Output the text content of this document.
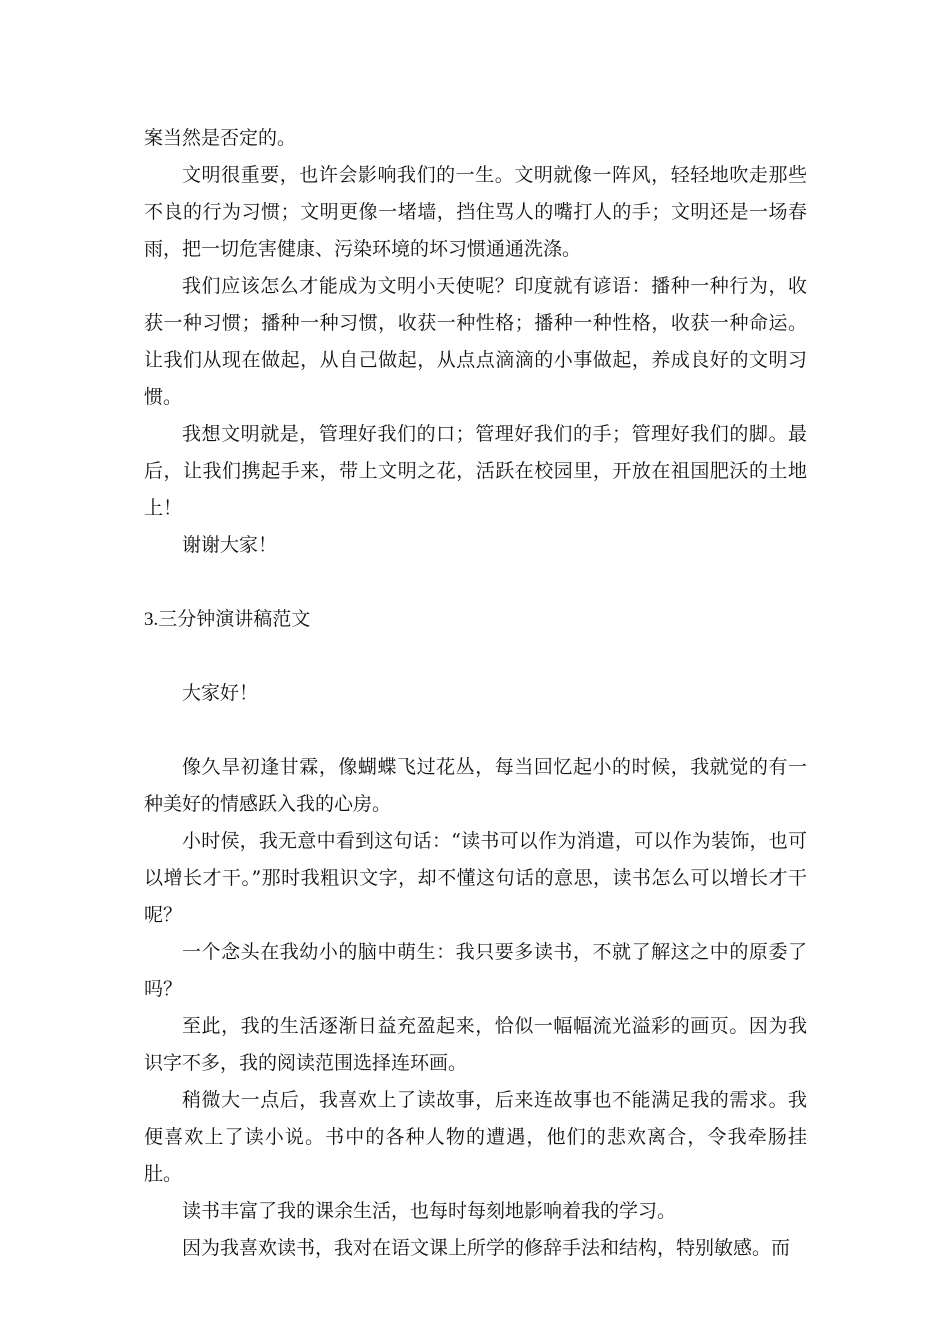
案当然是否定的。

文明很重要，也许会影响我们的一生。文明就像一阵风，轻轻地吹走那些不良的行为习惯；文明更像一堵墙，挡住骂人的嘴打人的手；文明还是一场春雨，把一切危害健康、污染环境的坏习惯通通洗涤。

我们应该怎么才能成为文明小天使呢？印度就有谚语：播种一种行为，收获一种习惯；播种一种习惯，收获一种性格；播种一种性格，收获一种命运。让我们从现在做起，从自己做起，从点点滴滴的小事做起，养成良好的文明习惯。

我想文明就是，管理好我们的口；管理好我们的手；管理好我们的脚。最后，让我们携起手来，带上文明之花，活跃在校园里，开放在祖国肥沃的土地上！

谢谢大家！

3.三分钟演讲稿范文

大家好！

像久旱初逢甘霖，像蝴蝶飞过花丛，每当回忆起小的时候，我就觉的有一种美好的情感跃入我的心房。

小时侯，我无意中看到这句话：“读书可以作为消遣，可以作为装饰，也可以增长才干。”那时我粗识文字，却不懂这句话的意思，读书怎么可以增长才干呢？

一个念头在我幼小的脑中萌生：我只要多读书，不就了解这之中的原委了吗？

至此，我的生活逐渐日益充盈起来，恰似一幅幅流光溢彩的画页。因为我识字不多，我的阅读范围选择连环画。

稍微大一点后，我喜欢上了读故事，后来连故事也不能满足我的需求。我便喜欢上了读小说。书中的各种人物的遭遇，他们的悲欢离合，令我牵肠挂肚。

读书丰富了我的课余生活，也每时每刻地影响着我的学习。

因为我喜欢读书，我对在语文课上所学的修辞手法和结构，特别敏感。而
